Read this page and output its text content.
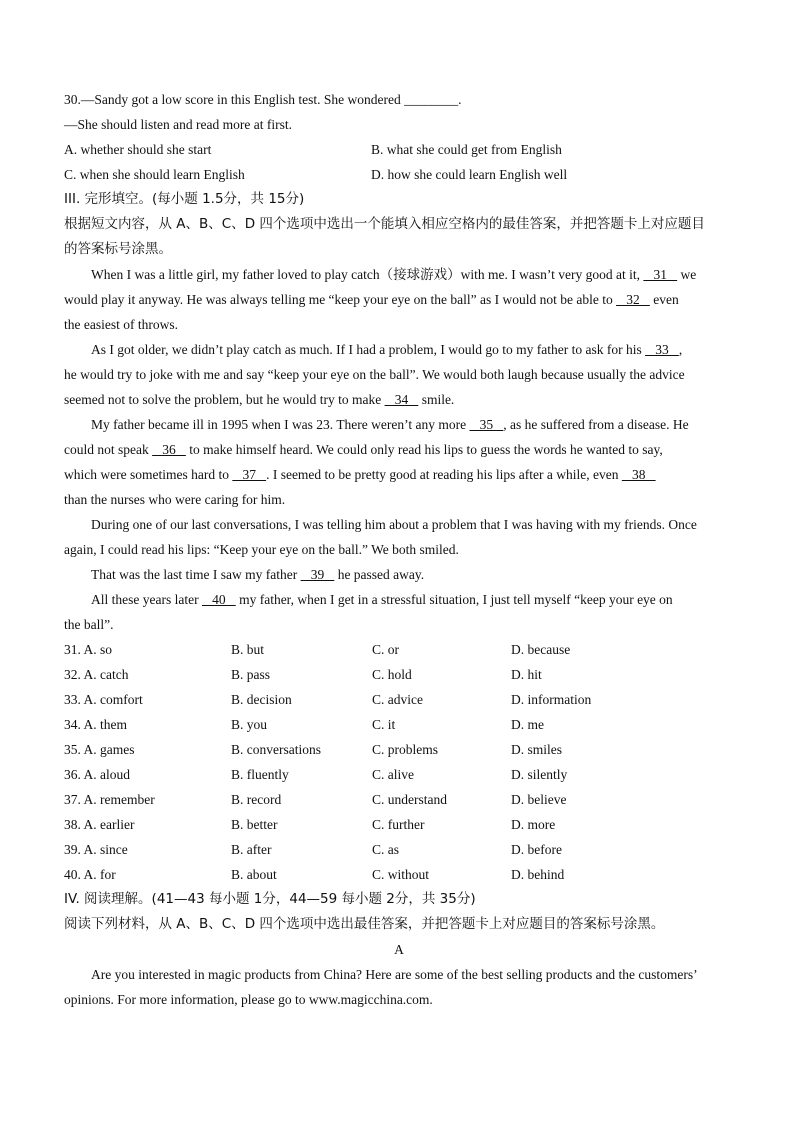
30.—Sandy got a low score in this English test. She wondered ________.
—She should listen and read more at first.
A. whether should she start	B. what she could get from English
C. when she should learn English	D. how she could learn English well
III. 完形填空。(每小题 1.5分，共 15分)
根据短文内容，从 A、B、C、D 四个选项中选出一个能填入相应空格内的最佳答案，并把答题卡上对应题目
的答案标号涂黑。
When I was a little girl, my father loved to play catch（接球游戏）with me. I wasn’t very good at it,    31    we
would play it anyway. He was always telling me “keep your eye on the ball” as I would not be able to    32    even
the easiest of throws.
As I got older, we didn’t play catch as much. If I had a problem, I would go to my father to ask for his    33   ,
he would try to joke with me and say “keep your eye on the ball”. We would both laugh because usually the advice
seemed not to solve the problem, but he would try to make    34    smile.
My father became ill in 1995 when I was 23. There weren’t any more    35   , as he suffered from a disease. He
could not speak    36    to make himself heard. We could only read his lips to guess the words he wanted to say,
which were sometimes hard to    37   . I seemed to be pretty good at reading his lips after a while, even    38
than the nurses who were caring for him.
During one of our last conversations, I was telling him about a problem that I was having with my friends. Once
again, I could read his lips: “Keep your eye on the ball.” We both smiled.
That was the last time I saw my father    39    he passed away.
All these years later    40    my father, when I get in a stressful situation, I just tell myself “keep your eye on
the ball”.
31. A. so	B. but	C. or	D. because
32. A. catch	B. pass	C. hold	D. hit
33. A. comfort	B. decision	C. advice	D. information
34. A. them	B. you	C. it	D. me
35. A. games	B. conversations	C. problems	D. smiles
36. A. aloud	B. fluently	C. alive	D. silently
37. A. remember	B. record	C. understand	D. believe
38. A. earlier	B. better	C. further	D. more
39. A. since	B. after	C. as	D. before
40. A. for	B. about	C. without	D. behind
IV. 阅读理解。(41—43 每小题 1分，44—59 每小题 2分，共 35分)
阅读下列材料，从 A、B、C、D 四个选项中选出最佳答案，并把答题卡上对应题目的答案标号涂黑。
A
Are you interested in magic products from China? Here are some of the best selling products and the customers’
opinions. For more information, please go to www.magicchina.com.
